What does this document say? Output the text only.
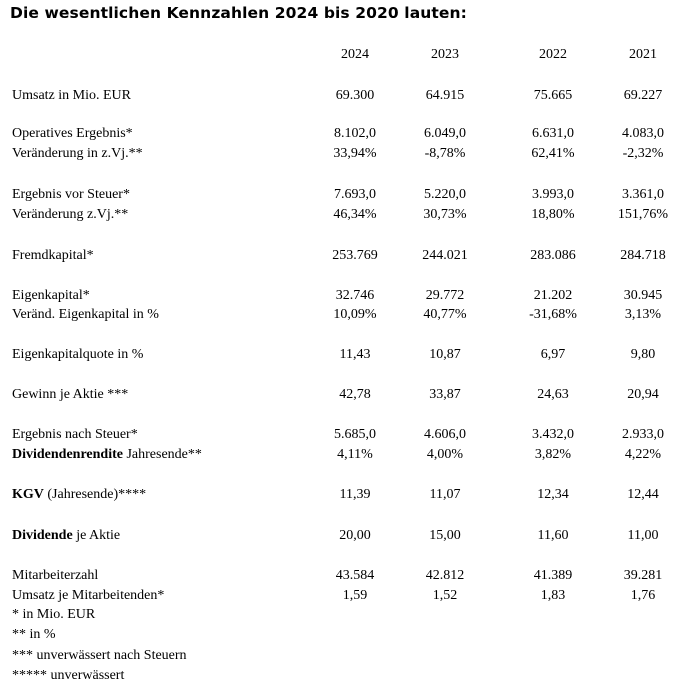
Die wesentlichen Kennzahlen 2024 bis 2020 lauten:
2024	2023	2022	2021
Umsatz in Mio. EUR	69.300	64.915	75.665	69.227
Operatives Ergebnis*	8.102,0	6.049,0	6.631,0	4.083,0
Veränderung in z.Vj.**	33,94%	-8,78%	62,41%	-2,32%
Ergebnis vor Steuer*	7.693,0	5.220,0	3.993,0	3.361,0
Veränderung z.Vj.**	46,34%	30,73%	18,80%	151,76%
Fremdkapital*	253.769	244.021	283.086	284.718
Eigenkapital*	32.746	29.772	21.202	30.945
Veränd. Eigenkapital in %	10,09%	40,77%	-31,68%	3,13%
Eigenkapitalquote in %	11,43	10,87	6,97	9,80
Gewinn je Aktie ***	42,78	33,87	24,63	20,94
Ergebnis nach Steuer*	5.685,0	4.606,0	3.432,0	2.933,0
Dividendenrendite Jahresende**	4,11%	4,00%	3,82%	4,22%
KGV (Jahresende)****	11,39	11,07	12,34	12,44
Dividende je Aktie	20,00	15,00	11,60	11,00
Mitarbeiterzahl	43.584	42.812	41.389	39.281
Umsatz je Mitarbeitenden*	1,59	1,52	1,83	1,76
* in Mio. EUR
** in %
*** unverwässert nach Steuern
***** unverwässert
